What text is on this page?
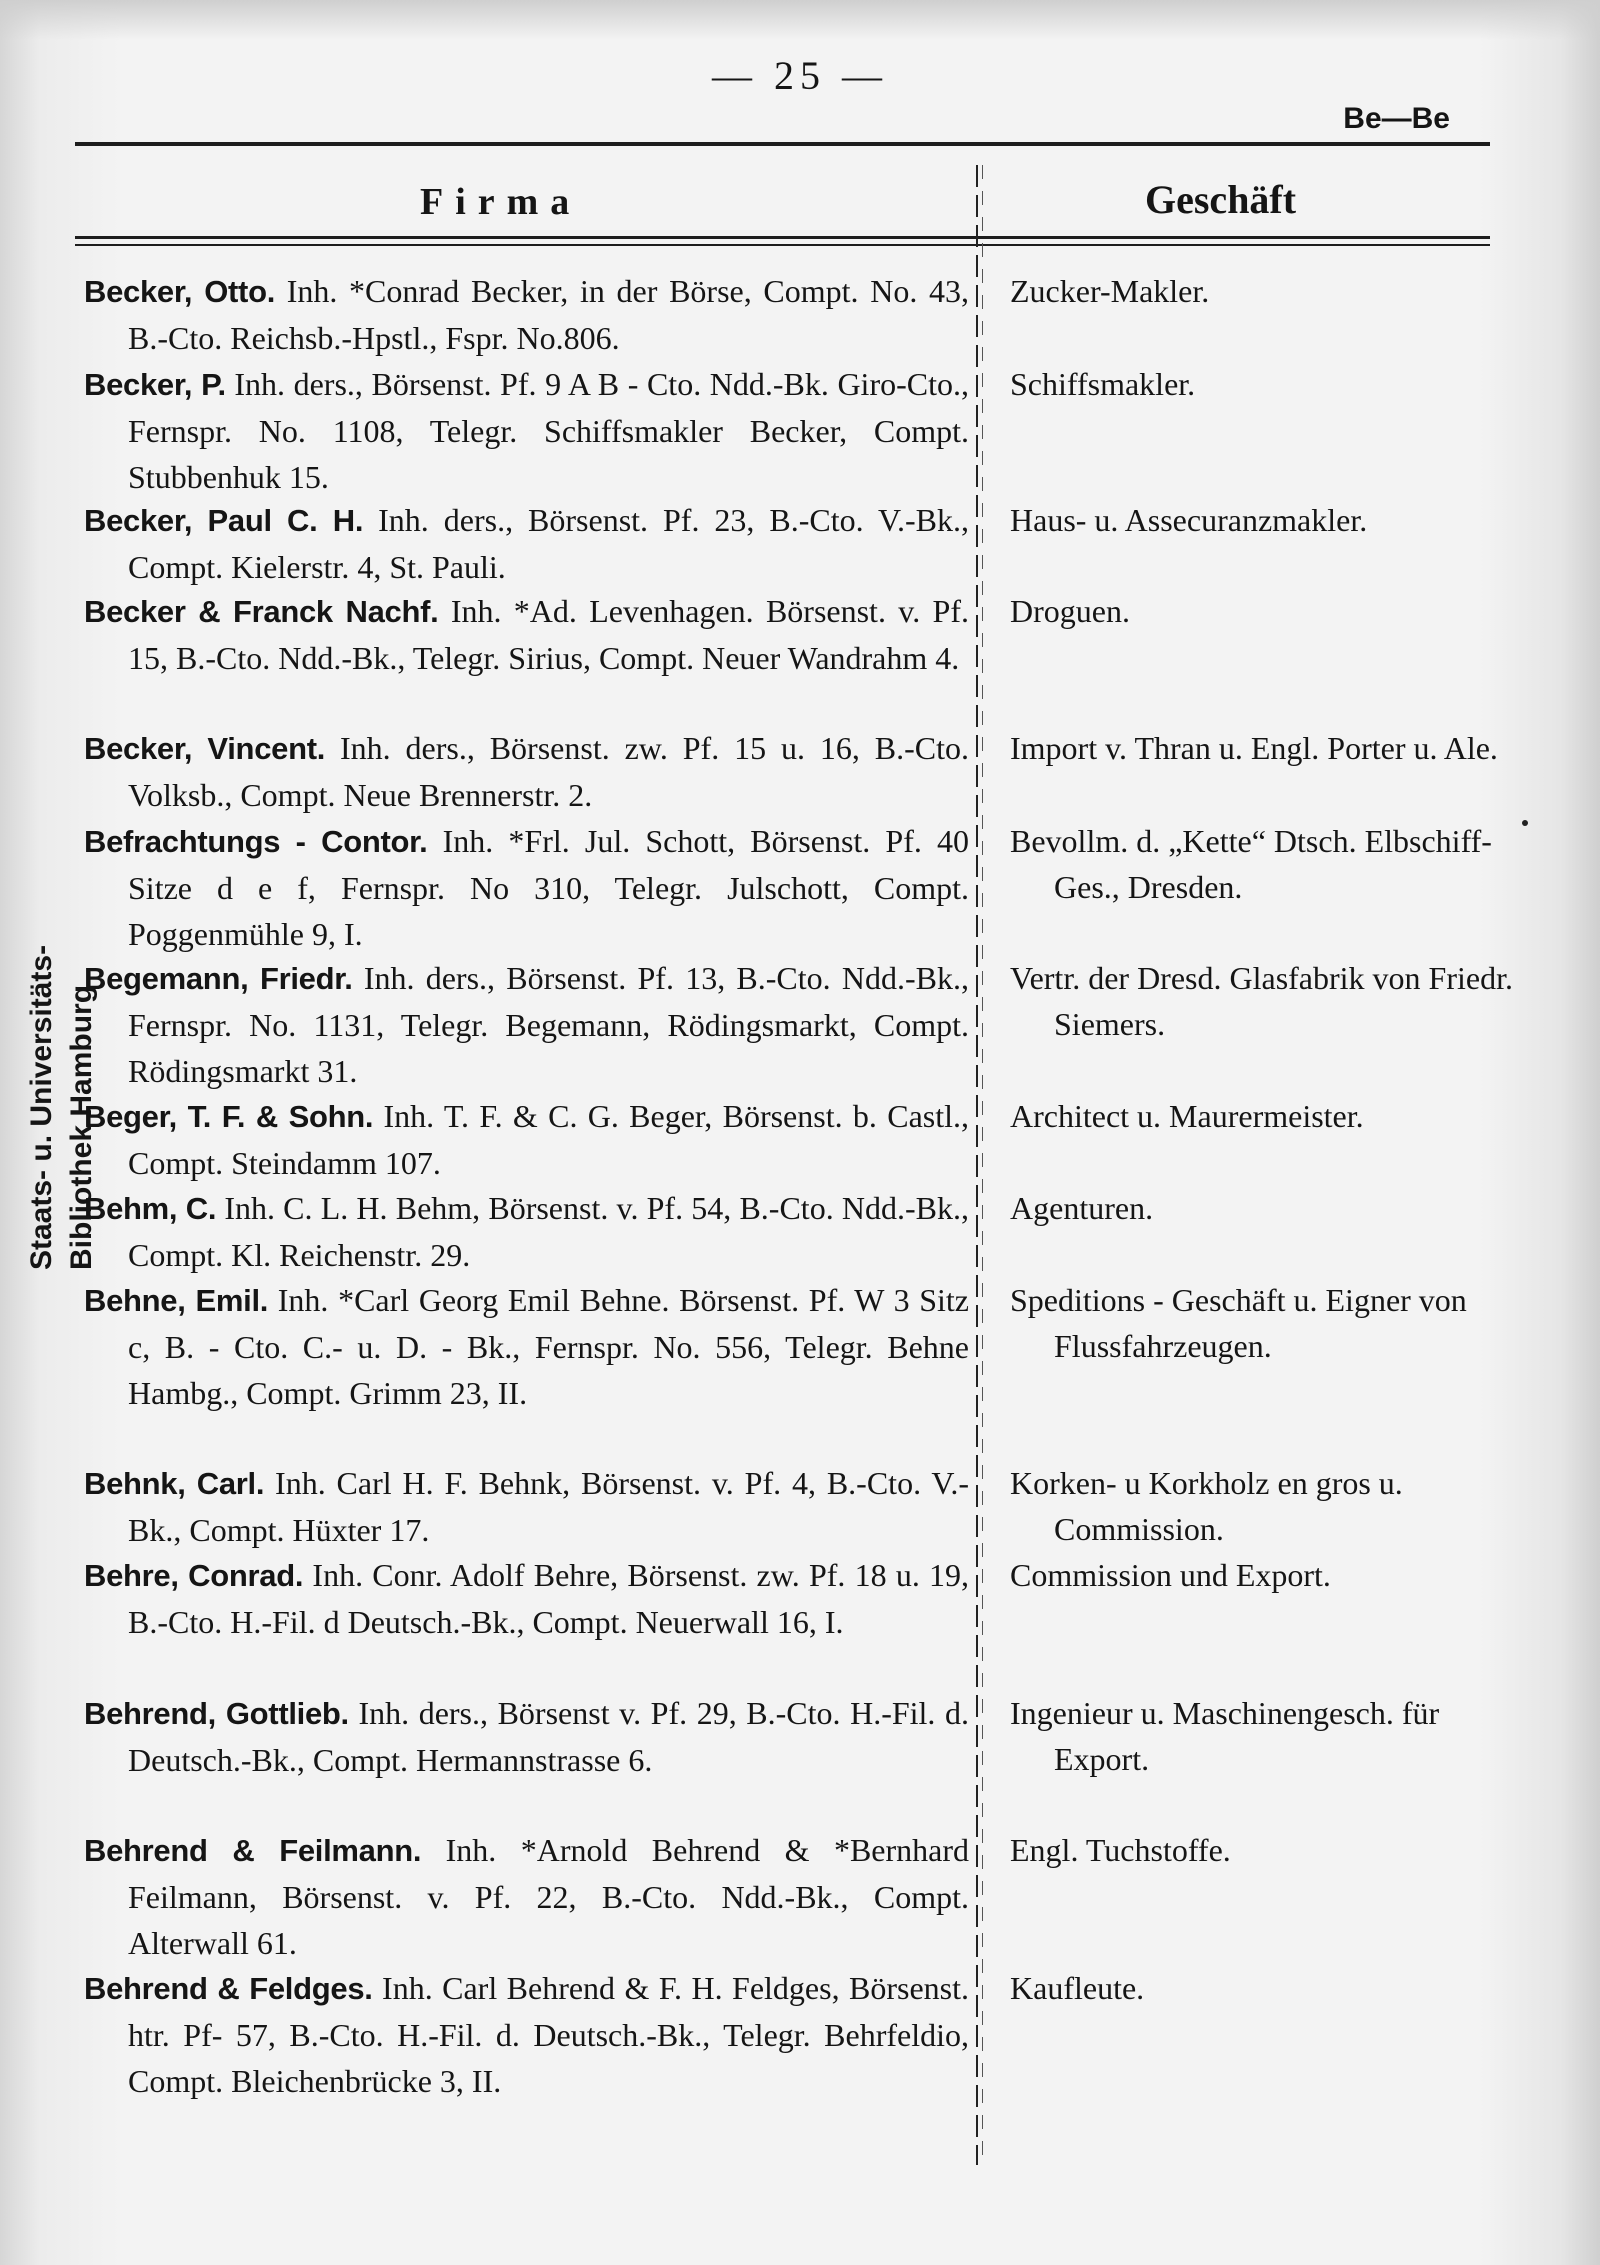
— 25 —
Be—Be
Firma	Geschäft
Staats- u. Universitäts- Bibliothek Hamburg
Becker, Otto. Inh. *Conrad Becker, in der Börse, Compt. No. 43, B.-Cto. Reichsb.-Hpstl., Fspr. No.806.
Zucker-Makler.
Becker, P. Inh. ders., Börsenst. Pf. 9 A B - Cto. Ndd.-Bk. Giro-Cto., Fernspr. No. 1108, Telegr. Schiffsmakler Becker, Compt. Stubbenhuk 15.
Schiffsmakler.
Becker, Paul C. H. Inh. ders., Börsenst. Pf. 23, B.-Cto. V.-Bk., Compt. Kielerstr. 4, St. Pauli.
Haus- u. Assecuranzmakler.
Becker & Franck Nachf. Inh. *Ad. Levenhagen. Börsenst. v. Pf. 15, B.-Cto. Ndd.-Bk., Telegr. Sirius, Compt. Neuer Wandrahm 4.
Droguen.
Becker, Vincent. Inh. ders., Börsenst. zw. Pf. 15 u. 16, B.-Cto. Volksb., Compt. Neue Brennerstr. 2.
Import v. Thran u. Engl. Porter u. Ale.
Befrachtungs - Contor. Inh. *Frl. Jul. Schott, Börsenst. Pf. 40 Sitze d e f, Fernspr. No 310, Telegr. Julschott, Compt. Poggenmühle 9, I.
Bevollm. d. „Kette“ Dtsch. Elbschiff-Ges., Dresden.
Begemann, Friedr. Inh. ders., Börsenst. Pf. 13, B.-Cto. Ndd.-Bk., Fernspr. No. 1131, Telegr. Begemann, Rödingsmarkt, Compt. Rödingsmarkt 31.
Vertr. der Dresd. Glasfabrik von Friedr. Siemers.
Beger, T. F. & Sohn. Inh. T. F. & C. G. Beger, Börsenst. b. Castl., Compt. Steindamm 107.
Architect u. Maurermeister.
Behm, C. Inh. C. L. H. Behm, Börsenst. v. Pf. 54, B.-Cto. Ndd.-Bk., Compt. Kl. Reichenstr. 29.
Agenturen.
Behne, Emil. Inh. *Carl Georg Emil Behne. Börsenst. Pf. W 3 Sitz c, B. - Cto. C.- u. D. - Bk., Fernspr. No. 556, Telegr. Behne Hambg., Compt. Grimm 23, II.
Speditions - Geschäft u. Eigner von Flussfahrzeugen.
Behnk, Carl. Inh. Carl H. F. Behnk, Börsenst. v. Pf. 4, B.-Cto. V.-Bk., Compt. Hüxter 17.
Korken- u Korkholz en gros u. Commission.
Behre, Conrad. Inh. Conr. Adolf Behre, Börsenst. zw. Pf. 18 u. 19, B.-Cto. H.-Fil. d Deutsch.-Bk., Compt. Neuerwall 16, I.
Commission und Export.
Behrend, Gottlieb. Inh. ders., Börsenst v. Pf. 29, B.-Cto. H.-Fil. d. Deutsch.-Bk., Compt. Hermannstrasse 6.
Ingenieur u. Maschinengesch. für Export.
Behrend & Feilmann. Inh. *Arnold Behrend & *Bernhard Feilmann, Börsenst. v. Pf. 22, B.-Cto. Ndd.-Bk., Compt. Alterwall 61.
Engl. Tuchstoffe.
Behrend & Feldges. Inh. Carl Behrend & F. H. Feldges, Börsenst. htr. Pf- 57, B.-Cto. H.-Fil. d. Deutsch.-Bk., Telegr. Behrfeldio, Compt. Bleichenbrücke 3, II.
Kaufleute.
